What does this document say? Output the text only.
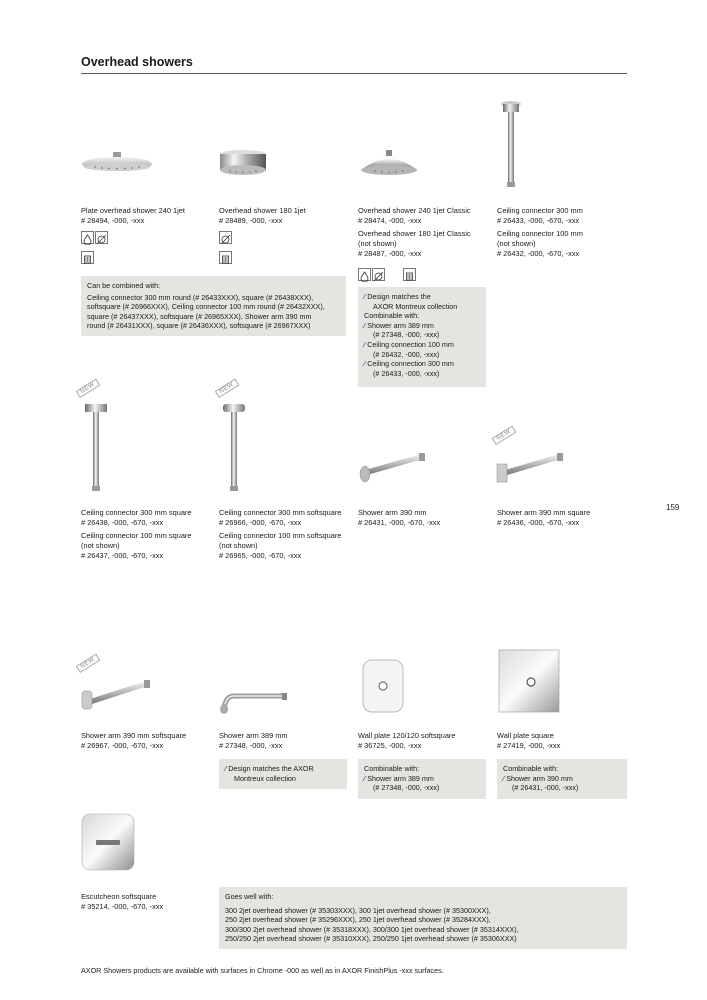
Overhead showers
159
Plate overhead shower 240 1jet
# 28494, -000, -xxx
Overhead shower 180 1jet
# 28489, -000, -xxx
Overhead shower 240 1jet Classic
# 28474, -000, -xxx
Overhead shower 180 1jet Classic
(not shown)
# 28487, -000, -xxx

Ceiling connector 300 mm
# 26433, -000, -670, -xxx
Ceiling connector 100 mm
(not shown)
# 26432, -000, -670, -xxx
Can be combined with:
Ceiling connector 300 mm round (# 26433XXX), square (# 26438XXX),
softsquare (# 26966XXX), Ceiling connector 100 mm round (# 26432XXX),
square (# 26437XXX), softsquare (# 26965XXX), Shower arm 390 mm
round (# 26431XXX), square (# 26436XXX), softsquare (# 26967XXX)
⁄ Design matches the
AXOR Montreux collection
Combinable with:
⁄ Shower arm 389 mm
(# 27348, -000, -xxx)
⁄ Ceiling connection 100 mm
(# 26432, -000, -xxx)
⁄ Ceiling connection 300 mm
(# 26433, -000, -xxx)
NEW	NEW
NEW
Ceiling connector 300 mm square
# 26438, -000, -670, -xxx
Ceiling connector 100 mm square
(not shown)
# 26437, -000, -670, -xxx
Ceiling connector 300 mm softsquare
# 26966, -000, -670, -xxx
Ceiling connector 100 mm softsquare
(not shown)
# 26965, -000, -670, -xxx
Shower arm 390 mm
# 26431, -000, -670, -xxx
Shower arm 390 mm square
# 26436, -000, -670, -xxx
NEW
Shower arm 390 mm softsquare
# 26967, -000, -670, -xxx
Shower arm 389 mm
# 27348, -000, -xxx
Wall plate 120/120 softsquare
# 36725, -000, -xxx
Wall plate square
# 27419, -000, -xxx
⁄ Design matches the AXOR
Montreux collection
Combinable with:
⁄ Shower arm 389 mm
(# 27348, -000, -xxx)
Combinable with:
⁄ Shower arm 390 mm
(# 26431, -000, -xxx)
Escutcheon softsquare
# 35214, -000, -670, -xxx
Goes well with:
300 2jet overhead shower (# 35303XXX), 300 1jet overhead shower (# 35300XXX),
250 2jet overhead shower (# 35296XXX), 250 1jet overhead shower (# 35284XXX),
300/300 2jet overhead shower (# 35318XXX), 300/300 1jet overhead shower (# 35314XXX),
250/250 2jet overhead shower (# 35310XXX), 250/250 1jet overhead shower (# 35306XXX)
AXOR Showers products are available with surfaces in Chrome -000 as well as in AXOR FinishPlus -xxx surfaces.
